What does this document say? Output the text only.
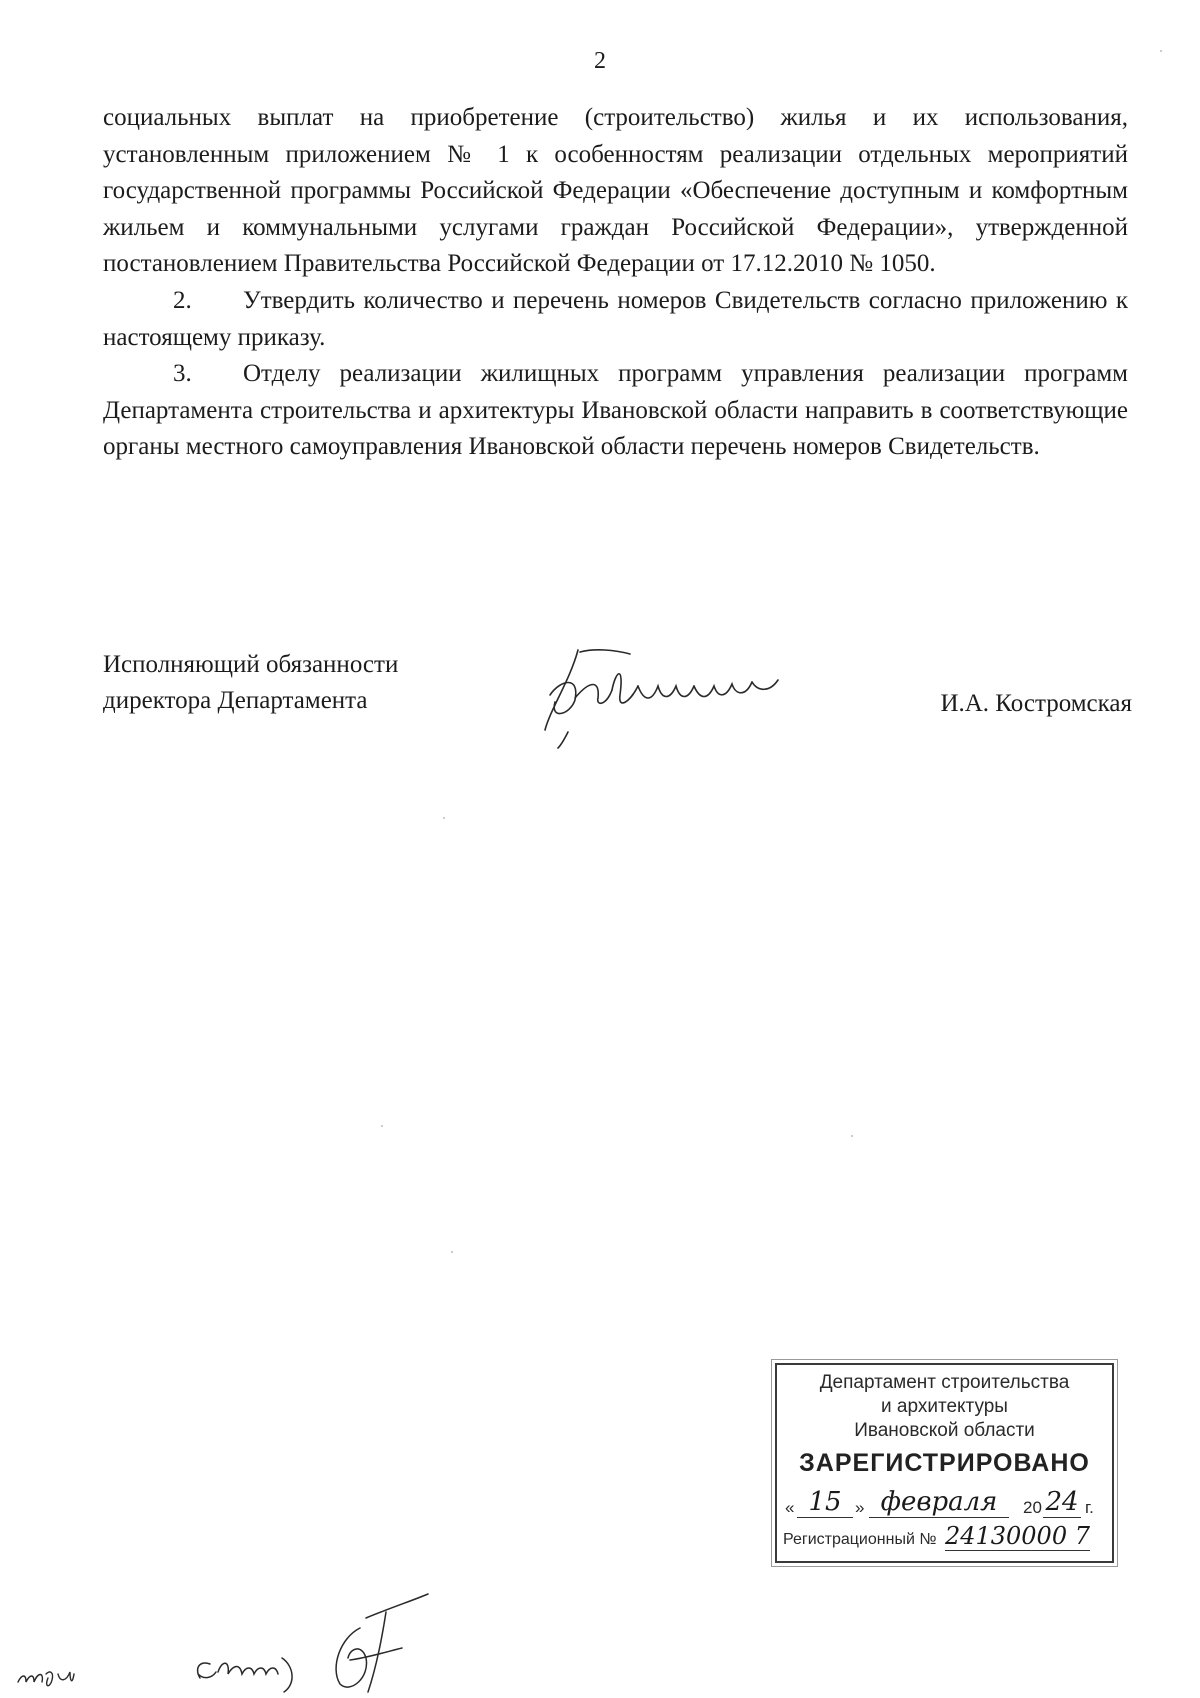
2

социальных выплат на приобретение (строительство) жилья и их использования, установленным приложением № 1 к особенностям реализации отдельных мероприятий государственной программы Российской Федерации «Обеспечение доступным и комфортным жильем и коммунальными услугами граждан Российской Федерации», утвержденной постановлением Правительства Российской Федерации от 17.12.2010 № 1050.

2. Утвердить количество и перечень номеров Свидетельств согласно приложению к настоящему приказу.

3. Отделу реализации жилищных программ управления реализации программ Департамента строительства и архитектуры Ивановской области направить в соответствующие органы местного самоуправления Ивановской области перечень номеров Свидетельств.

Исполняющий обязанности
директора Департамента	И.А. Костромская
Департамент строительства
и архитектуры
Ивановской области
ЗАРЕГИСТРИРОВАНО
« 15 » февраля	20 24 г.
Регистрационный № 24130000 7
